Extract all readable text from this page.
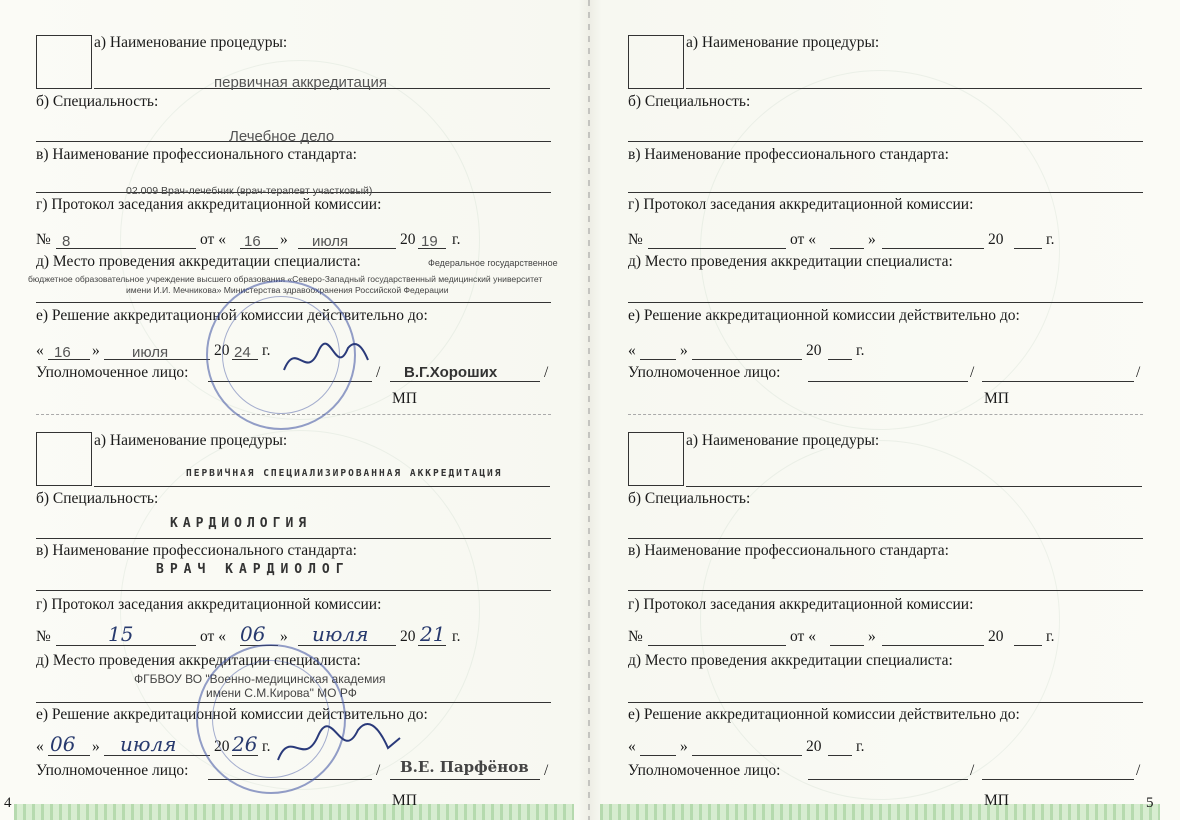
а) Наименование процедуры:
первичная аккредитация
б) Специальность:
Лечебное дело
в) Наименование профессионального стандарта:
02.009 Врач-лечебник (врач-терапевт участковый)
г) Протокол заседания аккредитационной комиссии:
№ 8	от « 16 » июля	20 19 г.
д) Место проведения аккредитации специалиста:	Федеральное государственное
бюджетное образовательное учреждение высшего образования «Северо-Западный государственный медицинский университет
имени И.И. Мечникова» Министерства здравоохранения Российской Федерации
е) Решение аккредитационной комиссии действительно до:
« 16 » июля	20 24 г.
Уполномоченное лицо:	/ В.Г.Хороших	/
МП
а) Наименование процедуры:
ПЕРВИЧНАЯ СПЕЦИАЛИЗИРОВАННАЯ АККРЕДИТАЦИЯ
б) Специальность:
КАРДИОЛОГИЯ
в) Наименование профессионального стандарта:
ВРАЧ КАРДИОЛОГ
г) Протокол заседания аккредитационной комиссии:
№	15	от « 06 » июля 20 21 г.
д) Место проведения аккредитации специалиста:
ФГБВОУ ВО "Военно-медицинская академия
имени С.М.Кирова" МО РФ
е) Решение аккредитационной комиссии действительно до:
« 06 » июля 20 26 г.
Уполномоченное лицо:	/ В.Е. Парфёнов /
4	МП
а) Наименование процедуры:
б) Специальность:
в) Наименование профессионального стандарта:
г) Протокол заседания аккредитационной комиссии:
№	от «	»	20	г.
д) Место проведения аккредитации специалиста:
е) Решение аккредитационной комиссии действительно до:
«	»	20 г.
Уполномоченное лицо:	/	/
МП
а) Наименование процедуры:
б) Специальность:
в) Наименование профессионального стандарта:
г) Протокол заседания аккредитационной комиссии:
№	от «	»	20	г.
д) Место проведения аккредитации специалиста:
е) Решение аккредитационной комиссии действительно до:
«	»	20 г.
Уполномоченное лицо:	/	/
МП	5
